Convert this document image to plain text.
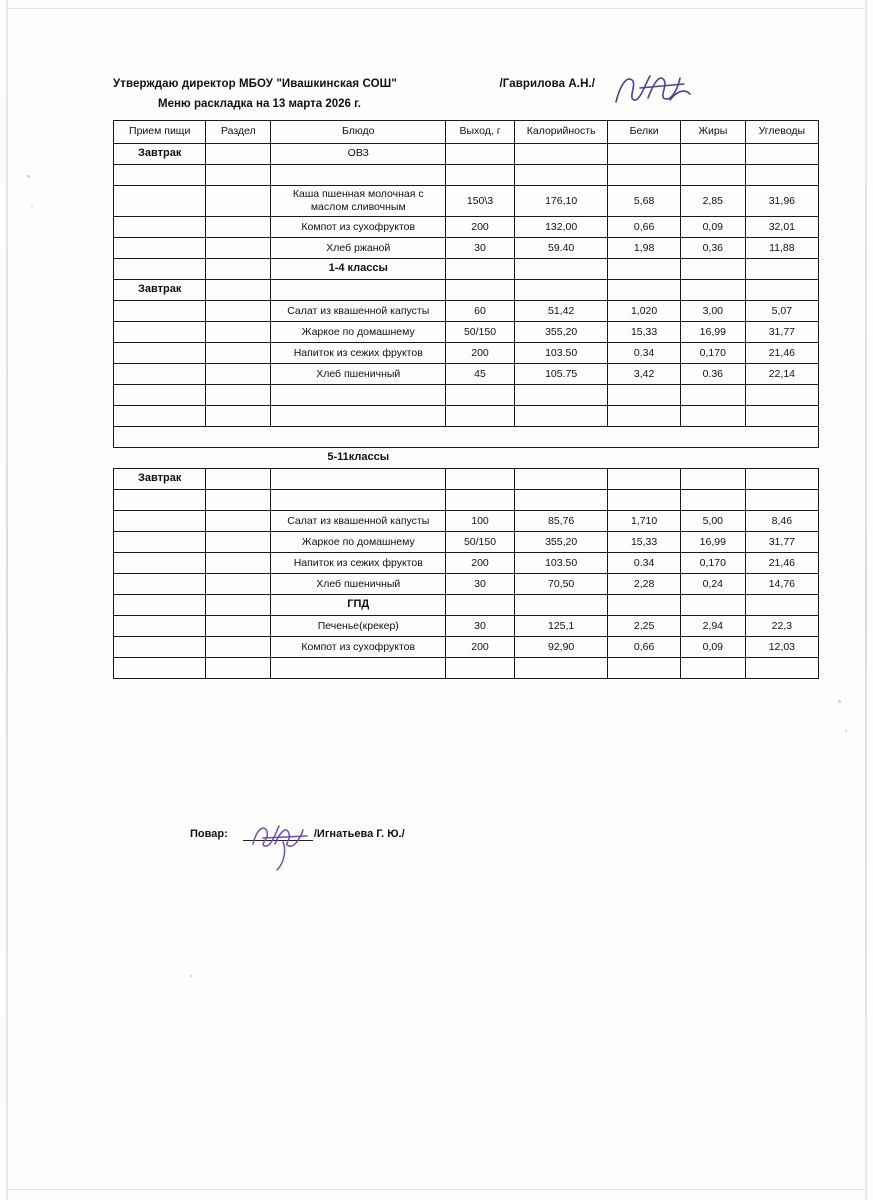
Утверждаю директор МБОУ "Ивашкинская СОШ"	/Гаврилова А.Н./
Меню раскладка на 13 марта 2026 г.
Прием пищи	Раздел	Блюдо	Выход, г	Калорийность	Белки	Жиры	Углеводы
Завтрак		ОВЗ					

		Каша пшенная молочная с маслом сливочным	150\3	176,10	5,68	2,85	31,96
		Компот из сухофруктов	200	132,00	0,66	0,09	32,01
		Хлеб ржаной	30	59.40	1,98	0,36	11,88
		1-4 классы					
Завтрак							
		Салат из квашенной капусты	60	51,42	1,020	3,00	5,07
		Жаркое по домашнему	50/150	355,20	15,33	16,99	31,77
		Напиток из сежих фруктов	200	103.50	0.34	0,170	21,46
		Хлеб пшеничный	45	105.75	3,42	0.36	22,14

		5-11классы					
Завтрак							

		Салат из квашенной капусты	100	85,76	1,710	5,00	8,46
		Жаркое по домашнему	50/150	355,20	15,33	16,99	31,77
		Напиток из сежих фруктов	200	103.50	0.34	0,170	21,46
		Хлеб пшеничный	30	70,50	2,28	0,24	14,76
		ГПД					
		Печенье(крекер)	30	125,1	2,25	2,94	22,3
		Компот из сухофруктов	200	92,90	0,66	0,09	12,03

Повар:	/Игнатьева Г. Ю./
